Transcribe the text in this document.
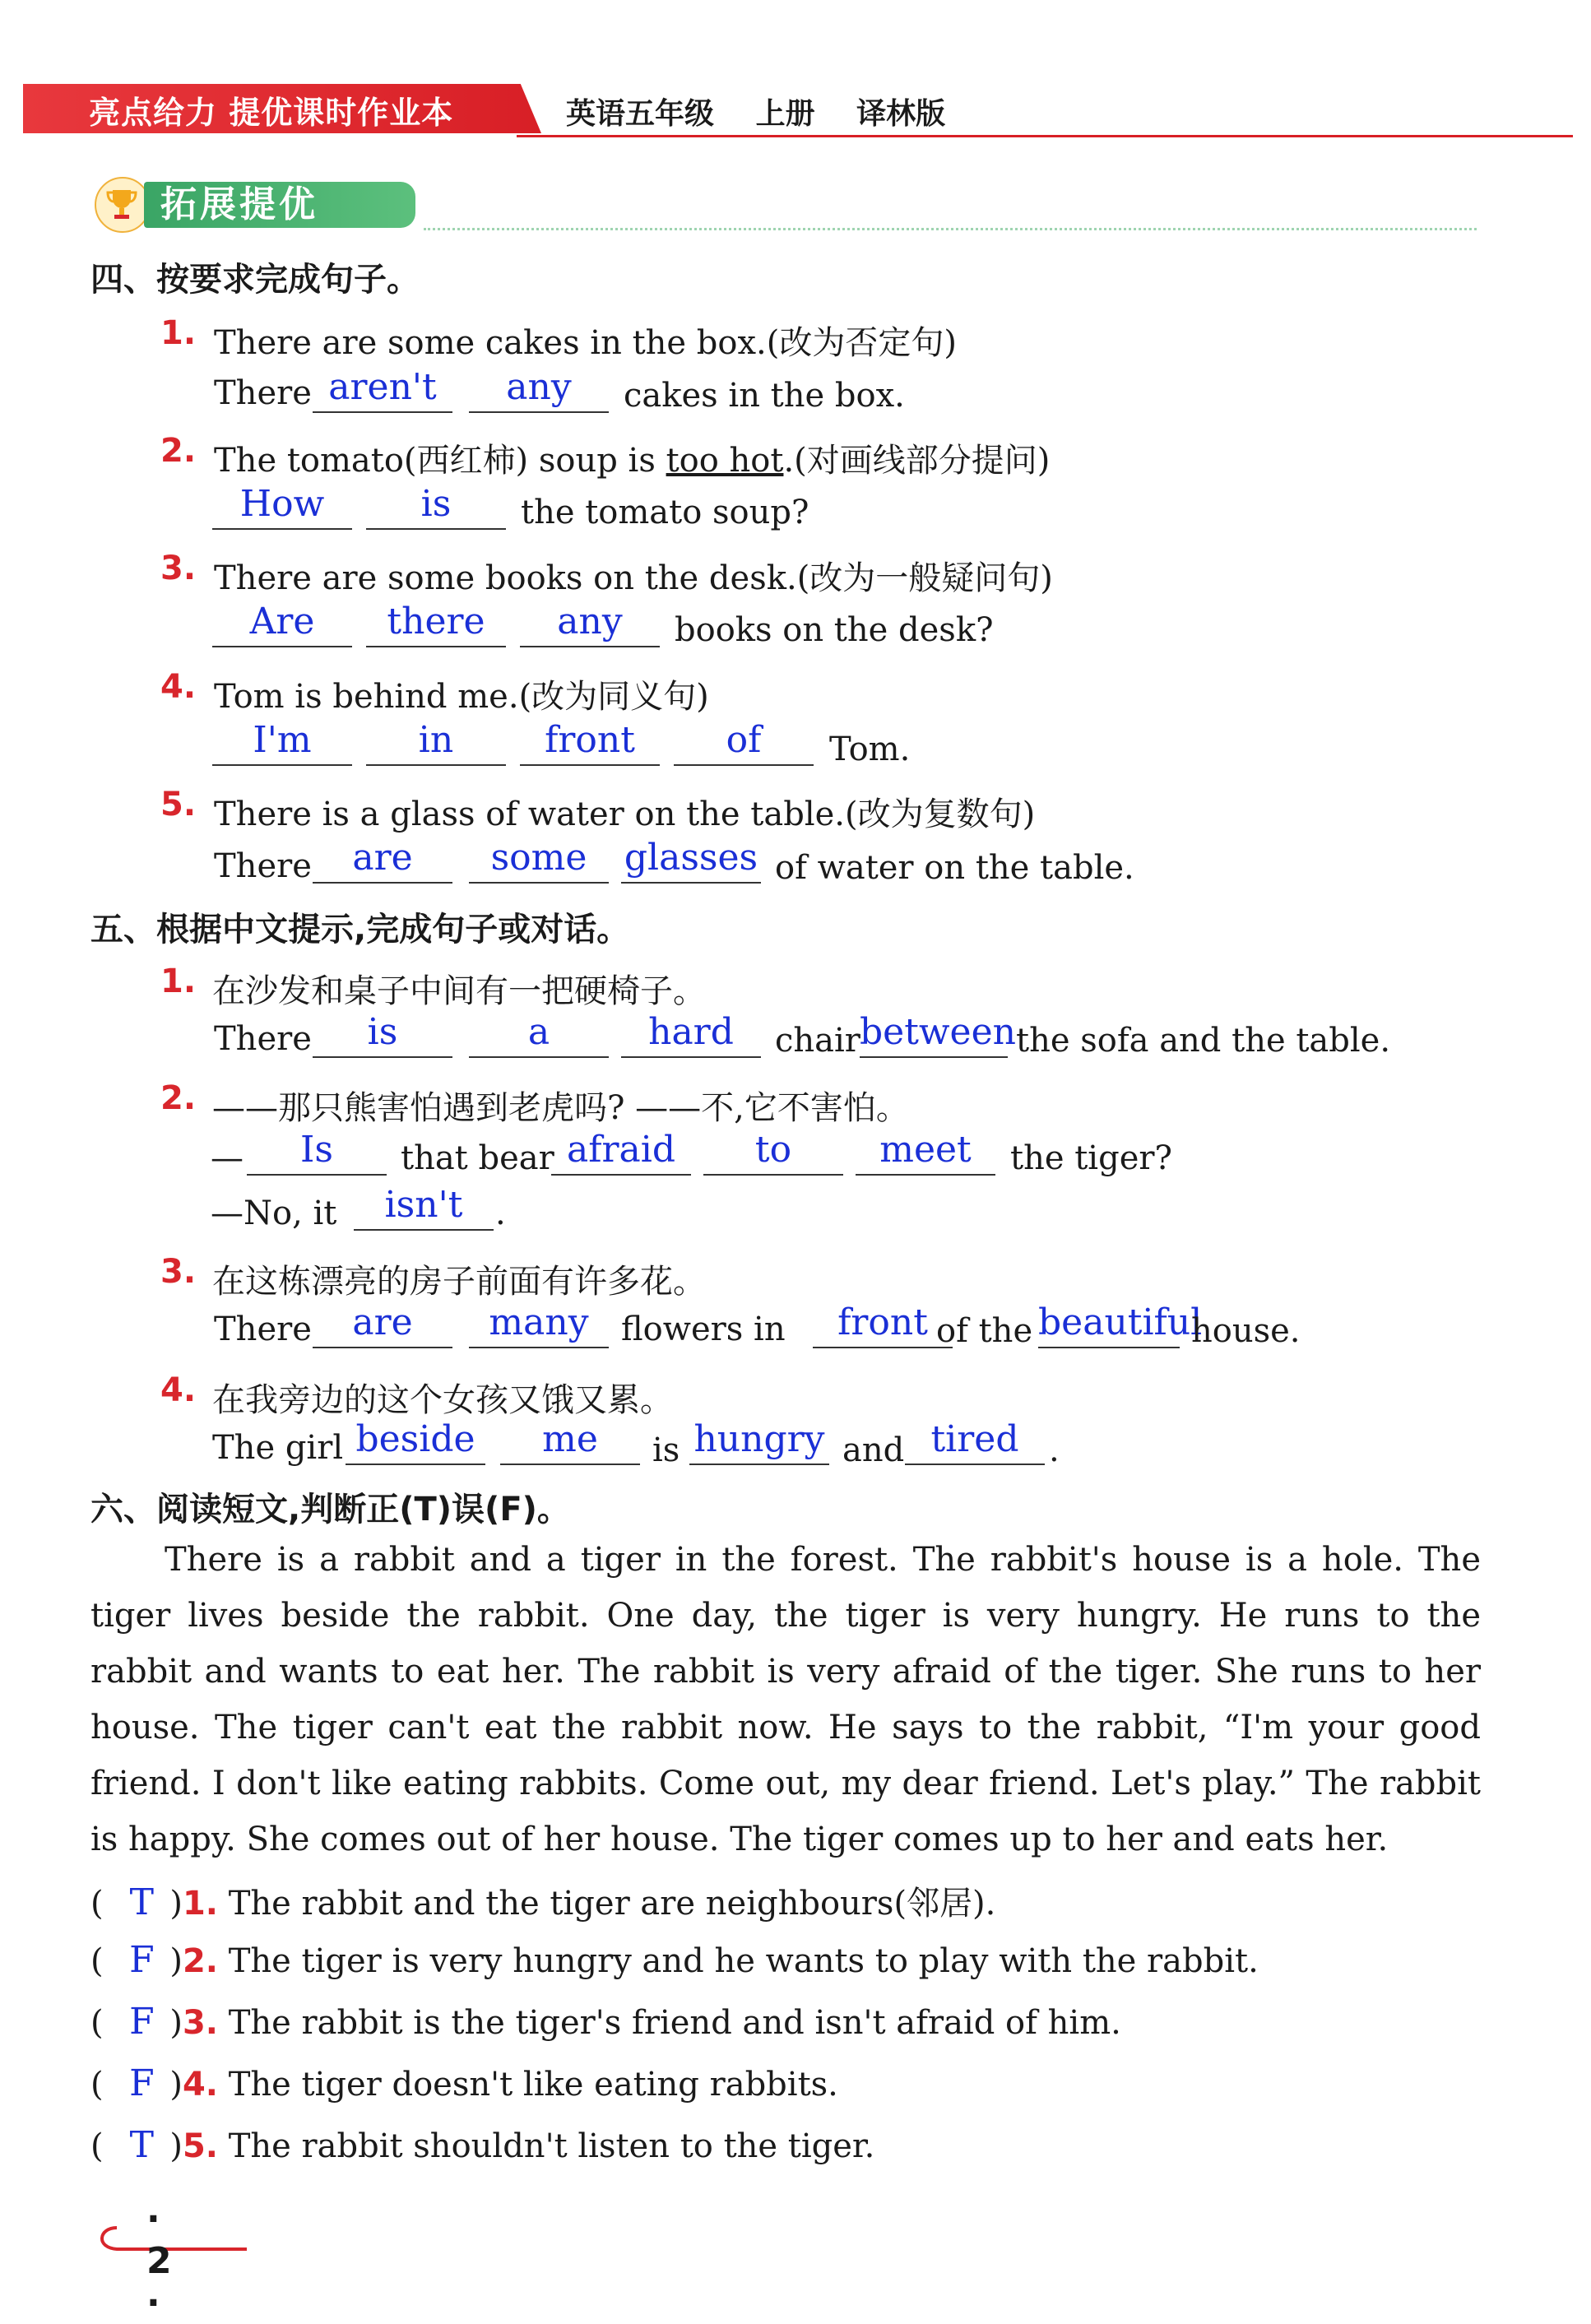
亮点给力 提优课时作业本	英语五年级 上册 译林版
拓展提优
四、按要求完成句子。
1. There are some cakes in the box.(改为否定句)
There aren't	any	cakes in the box.
2. The tomato(西红柿) soup is too hot.(对画线部分提问)
How	is	the tomato soup?
3. There are some books on the desk.(改为一般疑问句)
Are	there	any	books on the desk?
4. Tom is behind me.(改为同义句)
I'm	in	front	of	Tom.
5. There is a glass of water on the table.(改为复数句)
There	are	some	glasses of water on the table.
五、根据中文提示,完成句子或对话。
1. 在沙发和桌子中间有一把硬椅子。
There	is	a	hard	chair between the sofa and the table.
2. ——那只熊害怕遇到老虎吗? ——不,它不害怕。
—	Is	that bear afraid	to	meet	the tiger?
—No, it	isn't .
3. 在这栋漂亮的房子前面有许多花。
There	are	many flowers in	front of the beautiful
house.
4. 在我旁边的这个女孩又饿又累。
The girl beside	me	is hungry and tired .
六、阅读短文,判断正(T)误(F)。

There is a rabbit and a tiger in the forest. The rabbit's house is a hole. The tiger lives beside the rabbit. One day, the tiger is very hungry. He runs to the rabbit and wants to eat her. The rabbit is very afraid of the tiger. She runs to her house. The tiger can't eat the rabbit now. He says to the rabbit, “I'm your good friend. I don't like eating rabbits. Come out, my dear friend. Let's play.” The rabbit is happy. She comes out of her house. The tiger comes up to her and eats her.

( T )1. The rabbit and the tiger are neighbours(邻居).
( F )2. The tiger is very hungry and he wants to play with the rabbit.
( F )3. The rabbit is the tiger's friend and isn't afraid of him.
( F )4. The tiger doesn't like eating rabbits.
( T )5. The rabbit shouldn't listen to the tiger.
· 2 ·
